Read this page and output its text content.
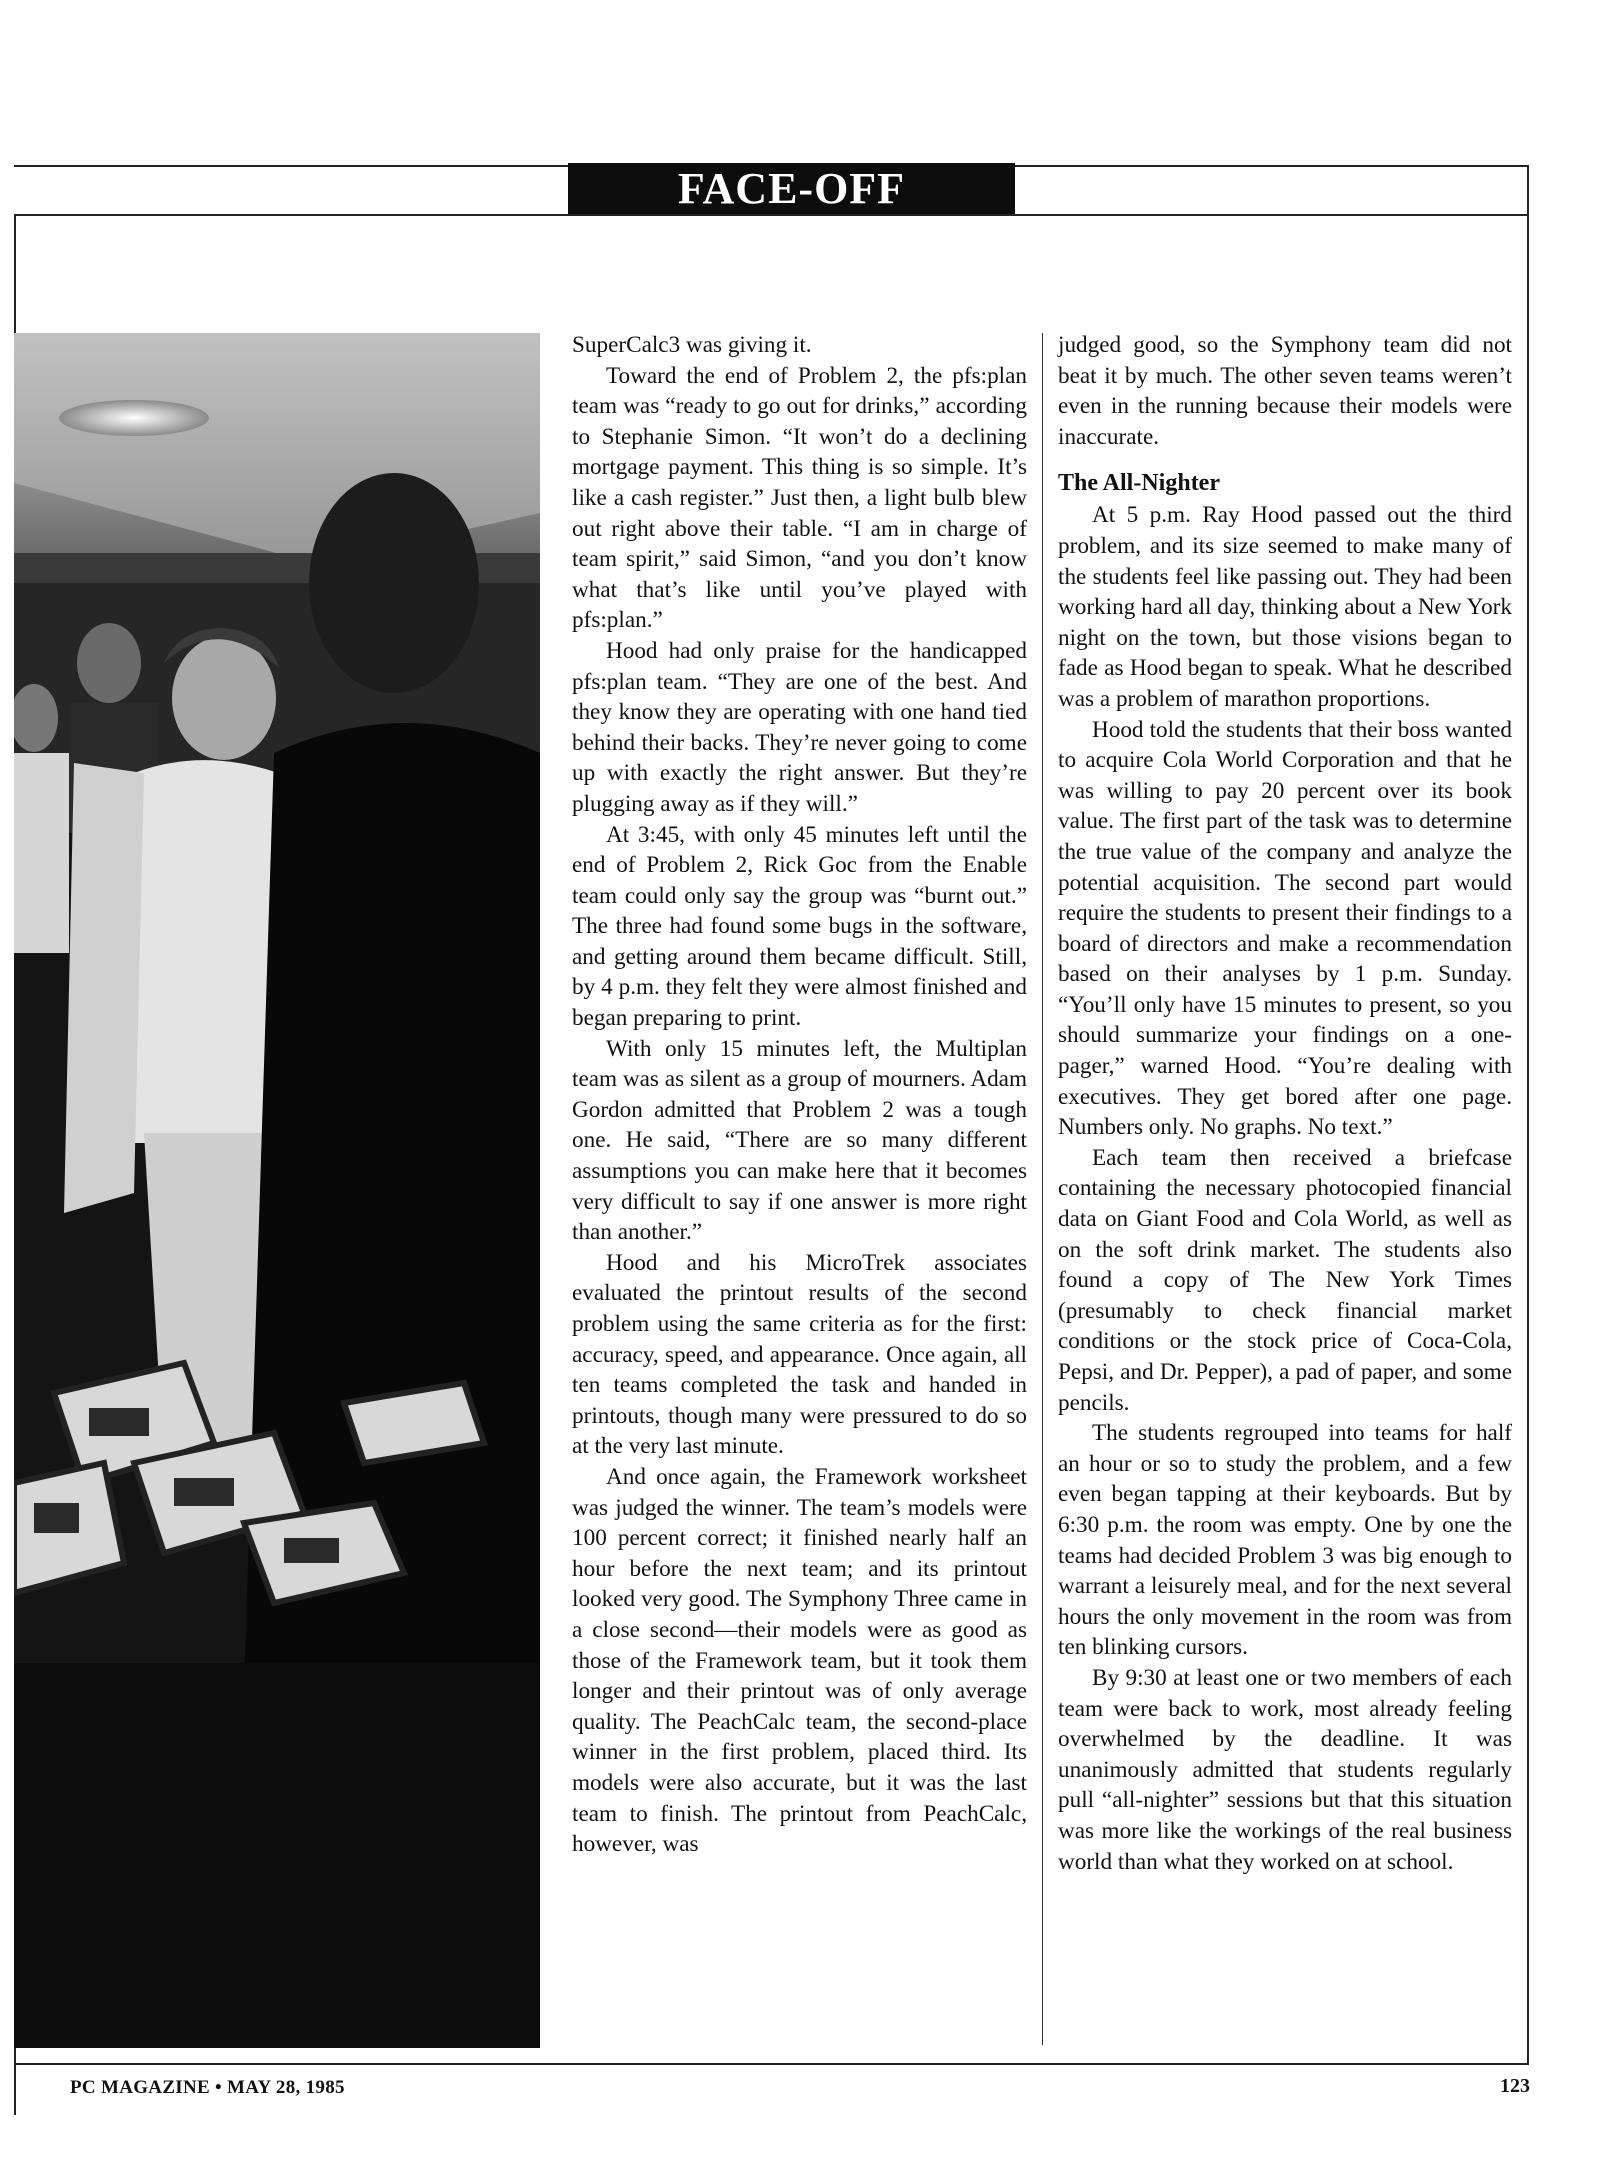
FACE-OFF

SuperCalc3 was giving it.

Toward the end of Problem 2, the pfs:plan team was “ready to go out for drinks,” according to Stephanie Simon. “It won’t do a declining mortgage payment. This thing is so simple. It’s like a cash register.” Just then, a light bulb blew out right above their table. “I am in charge of team spirit,” said Simon, “and you don’t know what that’s like until you’ve played with pfs:plan.”

Hood had only praise for the handicapped pfs:plan team. “They are one of the best. And they know they are operating with one hand tied behind their backs. They’re never going to come up with exactly the right answer. But they’re plugging away as if they will.”

At 3:45, with only 45 minutes left until the end of Problem 2, Rick Goc from the Enable team could only say the group was “burnt out.” The three had found some bugs in the software, and getting around them became difficult. Still, by 4 p.m. they felt they were almost finished and began preparing to print.

With only 15 minutes left, the Multiplan team was as silent as a group of mourners. Adam Gordon admitted that Problem 2 was a tough one. He said, “There are so many different assumptions you can make here that it becomes very difficult to say if one answer is more right than another.”

Hood and his MicroTrek associates evaluated the printout results of the second problem using the same criteria as for the first: accuracy, speed, and appearance. Once again, all ten teams completed the task and handed in printouts, though many were pressured to do so at the very last minute.

And once again, the Framework worksheet was judged the winner. The team’s models were 100 percent correct; it finished nearly half an hour before the next team; and its printout looked very good. The Symphony Three came in a close second—their models were as good as those of the Framework team, but it took them longer and their printout was of only average quality. The PeachCalc team, the second-place winner in the first problem, placed third. Its models were also accurate, but it was the last team to finish. The printout from PeachCalc, however, was

judged good, so the Symphony team did not beat it by much. The other seven teams weren’t even in the running because their models were inaccurate.

The All-Nighter

At 5 p.m. Ray Hood passed out the third problem, and its size seemed to make many of the students feel like passing out. They had been working hard all day, thinking about a New York night on the town, but those visions began to fade as Hood began to speak. What he described was a problem of marathon proportions.

Hood told the students that their boss wanted to acquire Cola World Corporation and that he was willing to pay 20 percent over its book value. The first part of the task was to determine the true value of the company and analyze the potential acquisition. The second part would require the students to present their findings to a board of directors and make a recommendation based on their analyses by 1 p.m. Sunday. “You’ll only have 15 minutes to present, so you should summarize your findings on a one-pager,” warned Hood. “You’re dealing with executives. They get bored after one page. Numbers only. No graphs. No text.”

Each team then received a briefcase containing the necessary photocopied financial data on Giant Food and Cola World, as well as on the soft drink market. The students also found a copy of The New York Times (presumably to check financial market conditions or the stock price of Coca-Cola, Pepsi, and Dr. Pepper), a pad of paper, and some pencils.

The students regrouped into teams for half an hour or so to study the problem, and a few even began tapping at their keyboards. But by 6:30 p.m. the room was empty. One by one the teams had decided Problem 3 was big enough to warrant a leisurely meal, and for the next several hours the only movement in the room was from ten blinking cursors.

By 9:30 at least one or two members of each team were back to work, most already feeling overwhelmed by the deadline. It was unanimously admitted that students regularly pull “all-nighter” sessions but that this situation was more like the workings of the real business world than what they worked on at school.

PC MAGAZINE • MAY 28, 1985	123
